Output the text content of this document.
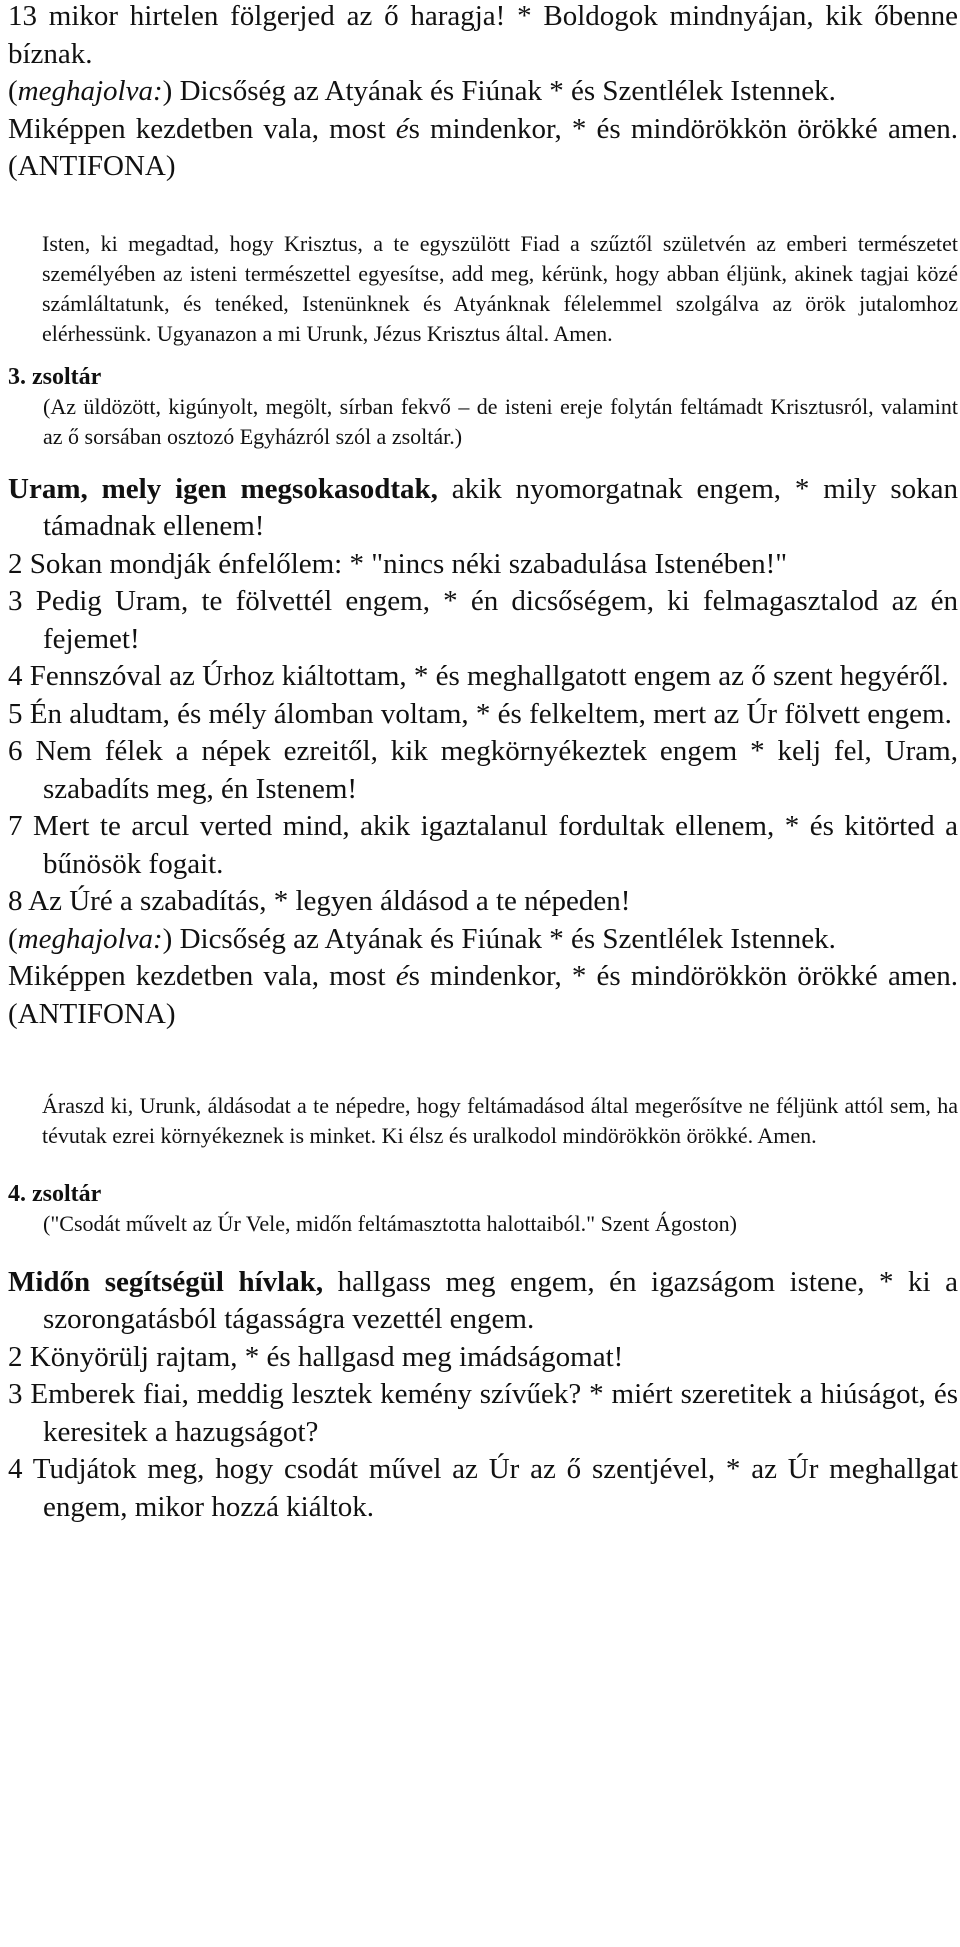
13 mikor hirtelen fölgerjed az ő haragja! * Boldogok mindnyájan, kik őbenne bíznak.

(meghajolva:) Dicsőség az Atyának és Fiúnak * és Szentlélek Istennek.

Miképpen kezdetben vala, most és mindenkor, * és mindörökkön örökké amen. (ANTIFONA)

Isten, ki megadtad, hogy Krisztus, a te egyszülött Fiad a szűztől születvén az emberi természetet személyében az isteni természettel egyesítse, add meg, kérünk, hogy abban éljünk, akinek tagjai közé számláltatunk, és tenéked, Istenünknek és Atyánknak félelemmel szolgálva az örök jutalomhoz elérhessünk. Ugyanazon a mi Urunk, Jézus Krisztus által. Amen.

3. zsoltár

(Az üldözött, kigúnyolt, megölt, sírban fekvő – de isteni ereje folytán feltámadt Krisztusról, valamint az ő sorsában osztozó Egyházról szól a zsoltár.)

Uram, mely igen megsokasodtak, akik nyomorgatnak engem, * mily sokan támadnak ellenem!

2 Sokan mondják énfelőlem: * "nincs néki szabadulása Istenében!"

3 Pedig Uram, te fölvettél engem, * én dicsőségem, ki felmagasztalod az én fejemet!

4 Fennszóval az Úrhoz kiáltottam, * és meghallgatott engem az ő szent hegyéről.

5 Én aludtam, és mély álomban voltam, * és felkeltem, mert az Úr fölvett engem.

6 Nem félek a népek ezreitől, kik megkörnyékeztek engem * kelj fel, Uram, szabadíts meg, én Istenem!

7 Mert te arcul verted mind, akik igaztalanul fordultak ellenem, * és kitörted a bűnösök fogait.

8 Az Úré a szabadítás, * legyen áldásod a te népeden!

(meghajolva:) Dicsőség az Atyának és Fiúnak * és Szentlélek Istennek.

Miképpen kezdetben vala, most és mindenkor, * és mindörökkön örökké amen. (ANTIFONA)

Áraszd ki, Urunk, áldásodat a te népedre, hogy feltámadásod által megerősítve ne féljünk attól sem, ha tévutak ezrei környékeznek is minket. Ki élsz és uralkodol mindörökkön örökké. Amen.

4. zsoltár

("Csodát művelt az Úr Vele, midőn feltámasztotta halottaiból." Szent Ágoston)

Midőn segítségül hívlak, hallgass meg engem, én igazságom istene, * ki a szorongatásból tágasságra vezettél engem.

2 Könyörülj rajtam, * és hallgasd meg imádságomat!

3 Emberek fiai, meddig lesztek kemény szívűek? * miért szeretitek a hiúságot, és keresitek a hazugságot?

4 Tudjátok meg, hogy csodát művel az Úr az ő szentjével, * az Úr meghallgat engem, mikor hozzá kiáltok.
